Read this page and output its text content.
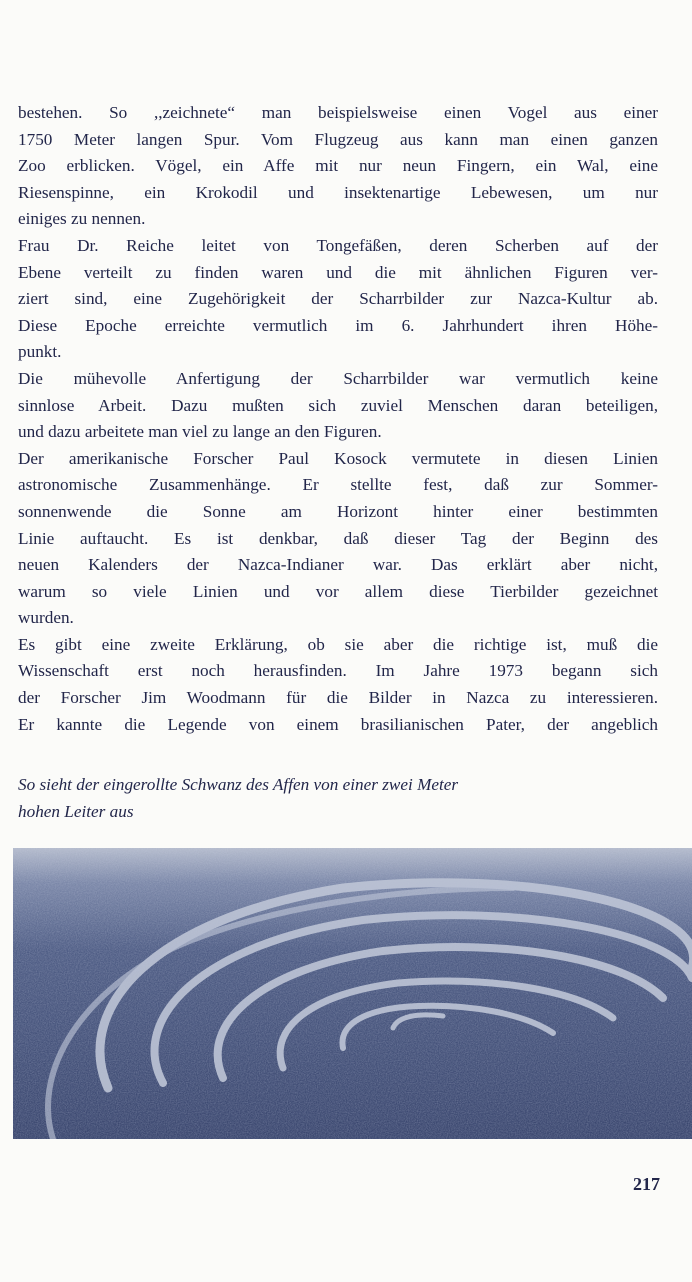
bestehen. So ,,zeichnete“ man beispielsweise einen Vogel aus einer
1750 Meter langen Spur. Vom Flugzeug aus kann man einen ganzen
Zoo erblicken. Vögel, ein Affe mit nur neun Fingern, ein Wal, eine
Riesenspinne, ein Krokodil und insektenartige Lebewesen, um nur
einiges zu nennen.

Frau Dr. Reiche leitet von Tongefäßen, deren Scherben auf der
Ebene verteilt zu finden waren und die mit ähnlichen Figuren ver-
ziert sind, eine Zugehörigkeit der Scharrbilder zur Nazca-Kultur ab.
Diese Epoche erreichte vermutlich im 6. Jahrhundert ihren Höhe-
punkt.

Die mühevolle Anfertigung der Scharrbilder war vermutlich keine
sinnlose Arbeit. Dazu mußten sich zuviel Menschen daran beteiligen,
und dazu arbeitete man viel zu lange an den Figuren.

Der amerikanische Forscher Paul Kosock vermutete in diesen Linien
astronomische Zusammenhänge. Er stellte fest, daß zur Sommer-
sonnenwende die Sonne am Horizont hinter einer bestimmten
Linie auftaucht. Es ist denkbar, daß dieser Tag der Beginn des
neuen Kalenders der Nazca-Indianer war. Das erklärt aber nicht,
warum so viele Linien und vor allem diese Tierbilder gezeichnet
wurden.

Es gibt eine zweite Erklärung, ob sie aber die richtige ist, muß die
Wissenschaft erst noch herausfinden. Im Jahre 1973 begann sich
der Forscher Jim Woodmann für die Bilder in Nazca zu interessieren.
Er kannte die Legende von einem brasilianischen Pater, der angeblich

So sieht der eingerollte Schwanz des Affen von einer zwei Meter
hohen Leiter aus
217
